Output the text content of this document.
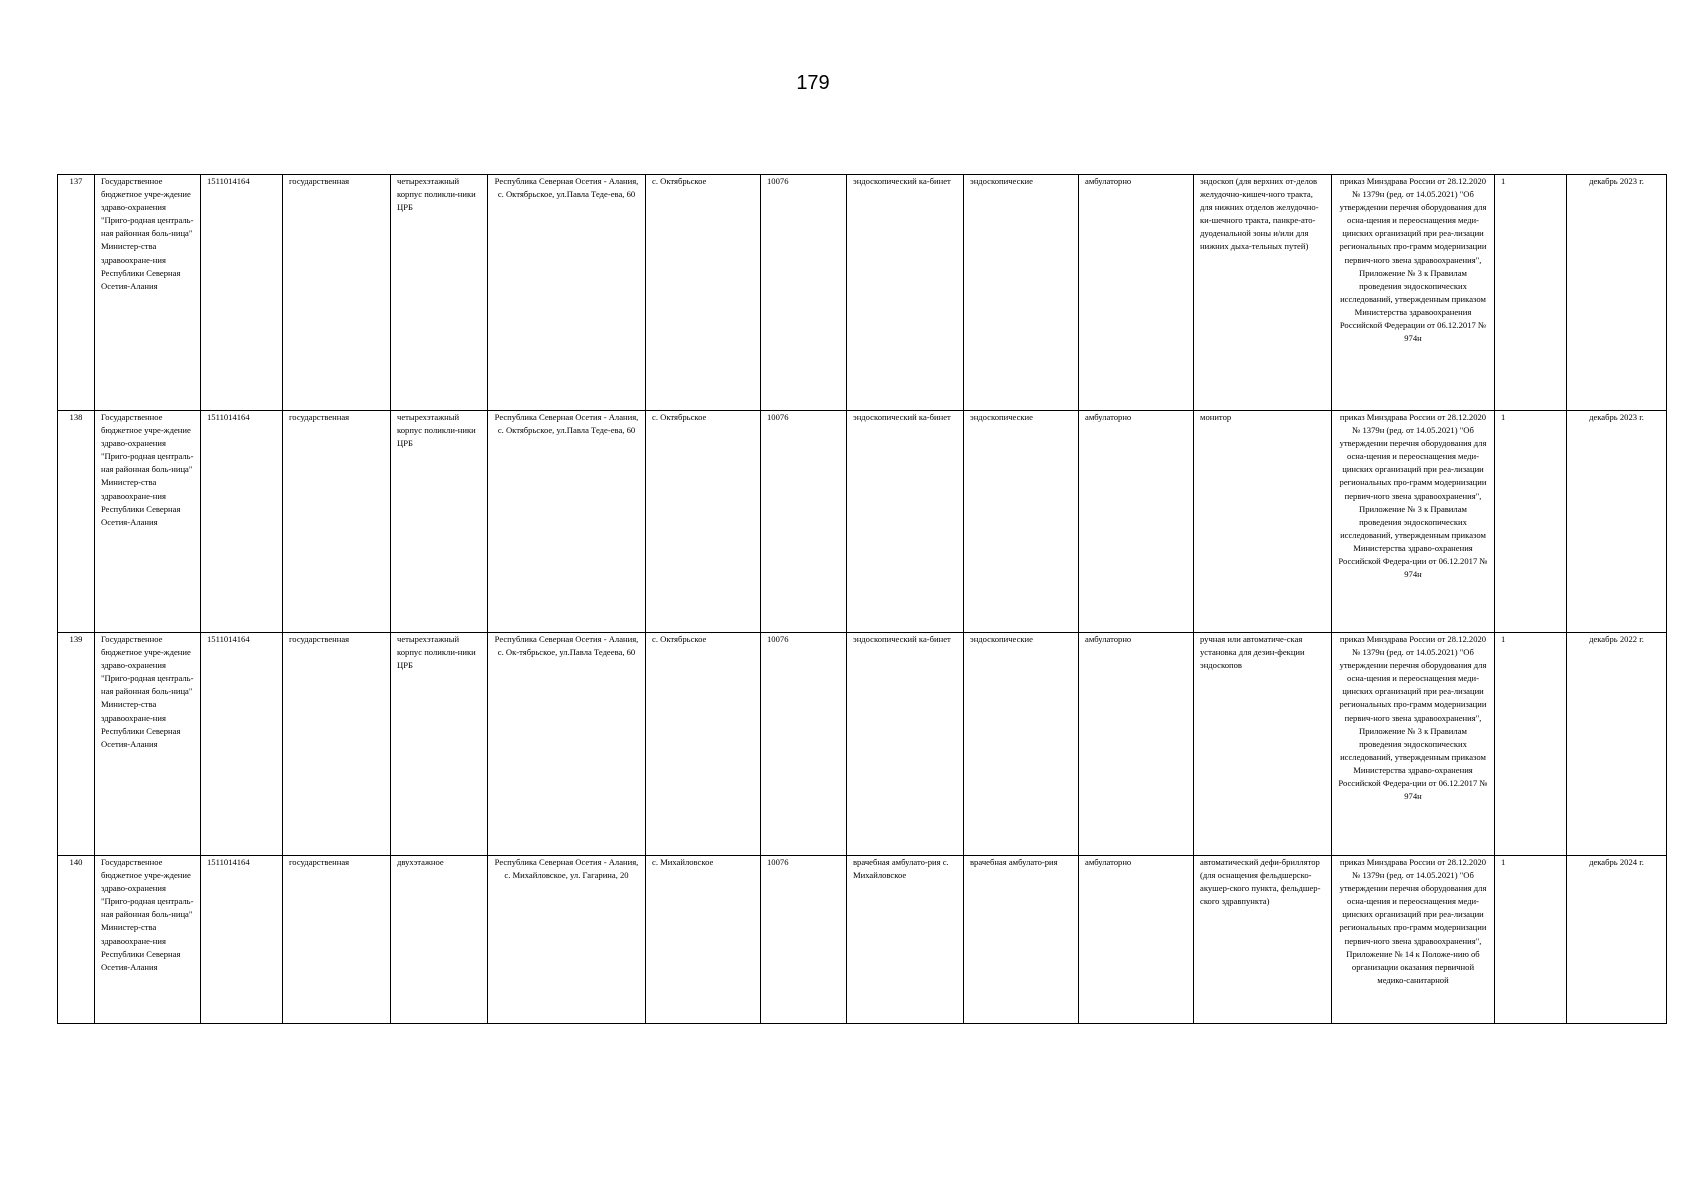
179
137	Государственное бюджетное учре-ждение здраво-охранения "Приго-родная централь-ная районная боль-ница" Министер-ства здравоохране-ния Республики Северная Осетия-Алания	1511014164	государственная	четырехэтажный корпус поликли-ники ЦРБ	Республика Северная Осетия - Алания, с. Октябрьское, ул.Павла Теде-ева, 60	с. Октябрьское	10076	эндоскопический ка-бинет	эндоскопические	амбулаторно	эндоскоп (для верхних от-делов желудочно-кишеч-ного тракта, для нижних отделов желудочно-ки-шечного тракта, панкре-ато-дуоденальной зоны и/или для нижних дыха-тельных путей)	приказ Минздрава России от 28.12.2020 № 1379н (ред. от 14.05.2021) "Об утверждении перечня оборудования для осна-щения и переоснащения меди-цинских организаций при реа-лизации региональных про-грамм модернизации первич-ного звена здравоохранения", Приложение № 3 к Правилам проведения эндоскопических исследований, утвержденным приказом Министерства здравоохранения Российской Федерации от 06.12.2017 № 974н	1	декабрь 2023 г.
138	Государственное бюджетное учре-ждение здраво-охранения "Приго-родная централь-ная районная боль-ница" Министер-ства здравоохране-ния Республики Северная Осетия-Алания	1511014164	государственная	четырехэтажный корпус поликли-ники ЦРБ	Республика Северная Осетия - Алания, с. Октябрьское, ул.Павла Теде-ева, 60	с. Октябрьское	10076	эндоскопический ка-бинет	эндоскопические	амбулаторно	монитор	приказ Минздрава России от 28.12.2020 № 1379н (ред. от 14.05.2021) "Об утверждении перечня оборудования для осна-щения и переоснащения меди-цинских организаций при реа-лизации региональных про-грамм модернизации первич-ного звена здравоохранения", Приложение № 3 к Правилам проведения эндоскопических исследований, утвержденным приказом Министерства здраво-охранения Российской Федера-ции от 06.12.2017 № 974н	1	декабрь 2023 г.
139	Государственное бюджетное учре-ждение здраво-охранения "Приго-родная централь-ная районная боль-ница" Министер-ства здравоохране-ния Республики Северная Осетия-Алания	1511014164	государственная	четырехэтажный корпус поликли-ники ЦРБ	Республика Северная Осетия - Алания, с. Ок-тябрьское, ул.Павла Тедеева, 60	с. Октябрьское	10076	эндоскопический ка-бинет	эндоскопические	амбулаторно	ручная или автоматиче-ская установка для дезин-фекции эндоскопов	приказ Минздрава России от 28.12.2020 № 1379н (ред. от 14.05.2021) "Об утверждении перечня оборудования для осна-щения и переоснащения меди-цинских организаций при реа-лизации региональных про-грамм модернизации первич-ного звена здравоохранения", Приложение № 3 к Правилам проведения эндоскопических исследований, утвержденным приказом Министерства здраво-охранения Российской Федера-ции от 06.12.2017 № 974н	1	декабрь 2022 г.
140	Государственное бюджетное учре-ждение здраво-охранения "Приго-родная централь-ная районная боль-ница" Министер-ства здравоохране-ния Республики Северная Осетия-Алания	1511014164	государственная	двухэтажное	Республика Северная Осетия - Алания, с. Михайловское, ул. Гагарина, 20	с. Михайловское	10076	врачебная амбулато-рия с. Михайловское	врачебная амбулато-рия	амбулаторно	автоматический дефи-бриллятор (для оснащения фельдшерско-акушер-ского пункта, фельдшер-ского здравпункта)	приказ Минздрава России от 28.12.2020 № 1379н (ред. от 14.05.2021) "Об утверждении перечня оборудования для осна-щения и переоснащения меди-цинских организаций при реа-лизации региональных про-грамм модернизации первич-ного звена здравоохранения", Приложение № 14 к Положе-нию об организации оказания первичной медико-санитарной	1	декабрь 2024 г.
